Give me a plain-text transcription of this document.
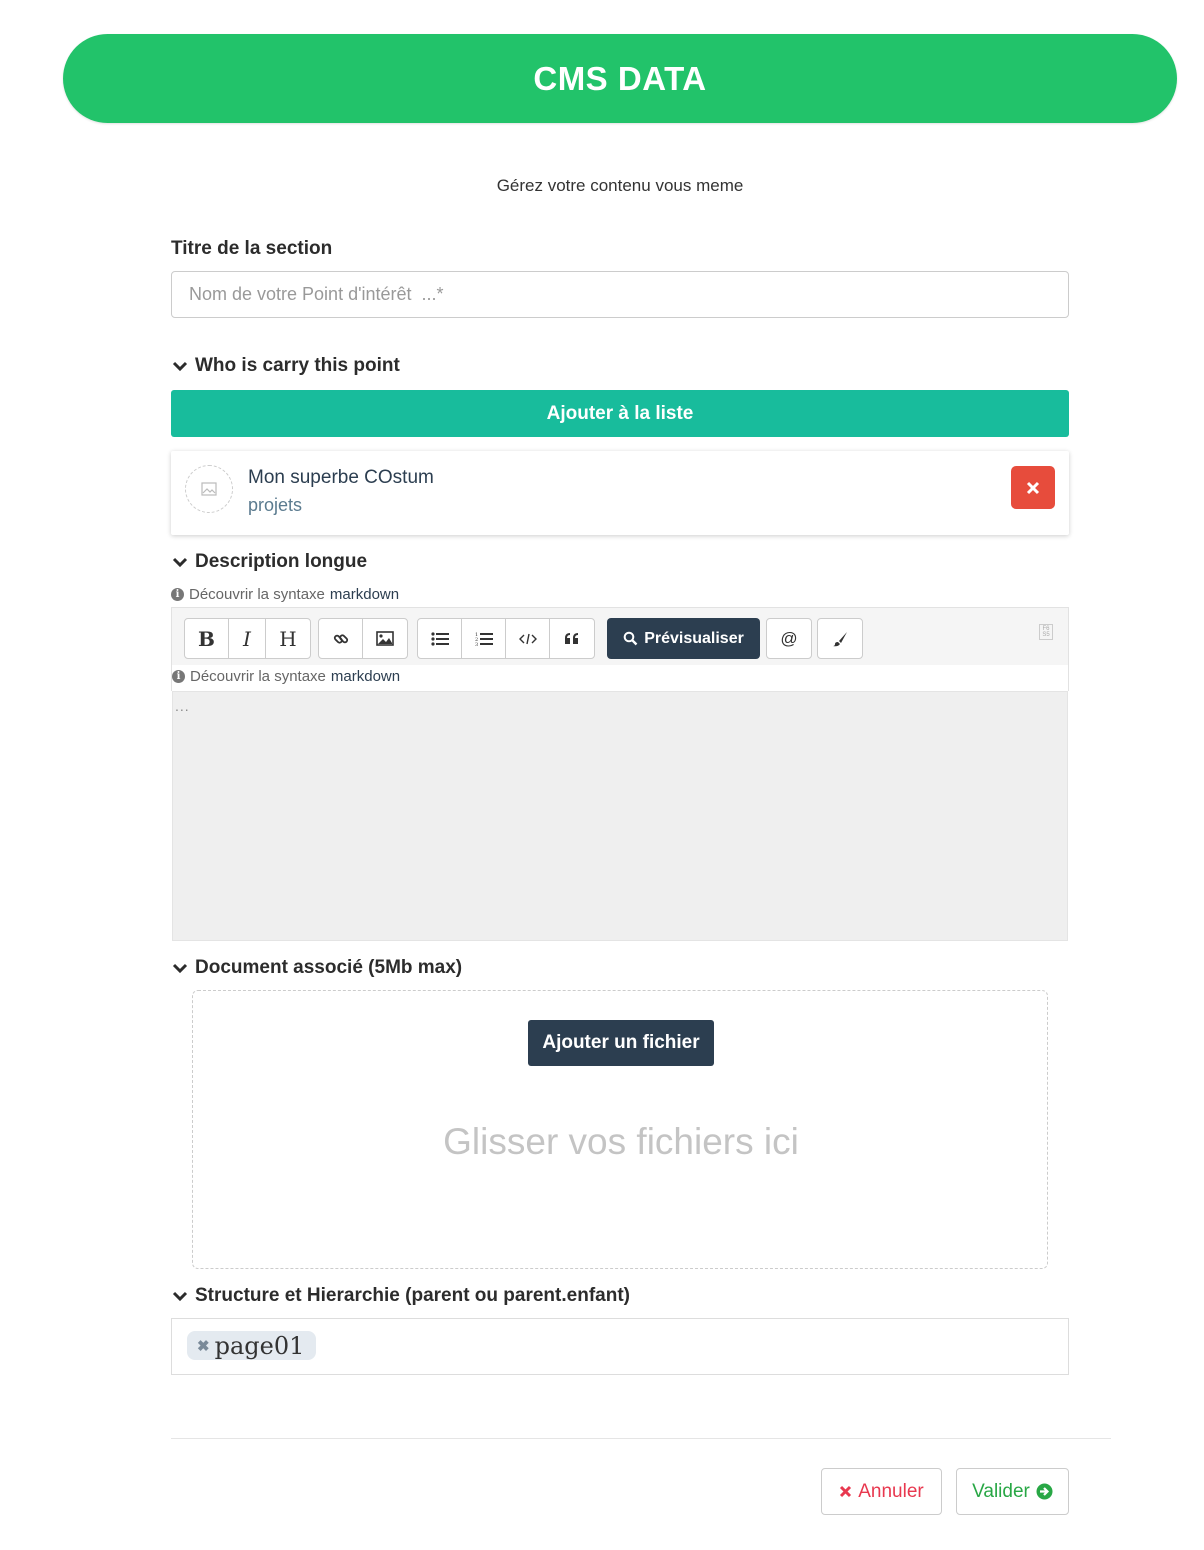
CMS DATA
Gérez votre contenu vous meme
Titre de la section
Nom de votre Point d'intérêt ...*
Who is carry this point
Ajouter à la liste
Mon superbe COstum
projets
Description longue
i Découvrir la syntaxe markdown
B	I	H	1
2
3	Prévisualiser	@	F6
S5
i Découvrir la syntaxe markdown
...
Document associé (5Mb max)
Ajouter un fichier
Glisser vos fichiers ici
Structure et Hierarchie (parent ou parent.enfant)
✖ page01
Annuler	Valider
